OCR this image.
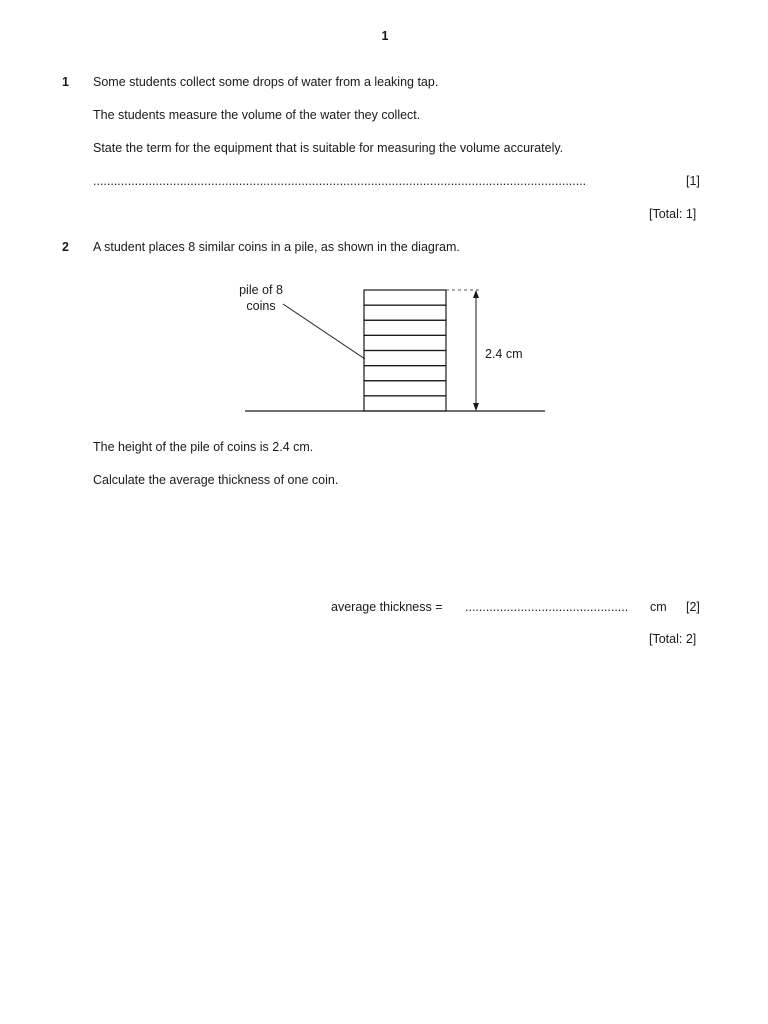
1
1 Some students collect some drops of water from a leaking tap.
The students measure the volume of the water they collect.
State the term for the equipment that is suitable for measuring the volume accurately.
..............................................................................................................................................	[1]
[Total: 1]
2 A student places 8 similar coins in a pile, as shown in the diagram.
pile of 8
coins
2.4 cm
The height of the pile of coins is 2.4 cm.
Calculate the average thickness of one coin.
average thickness = ...............................................	cm [2]
[Total: 2]
